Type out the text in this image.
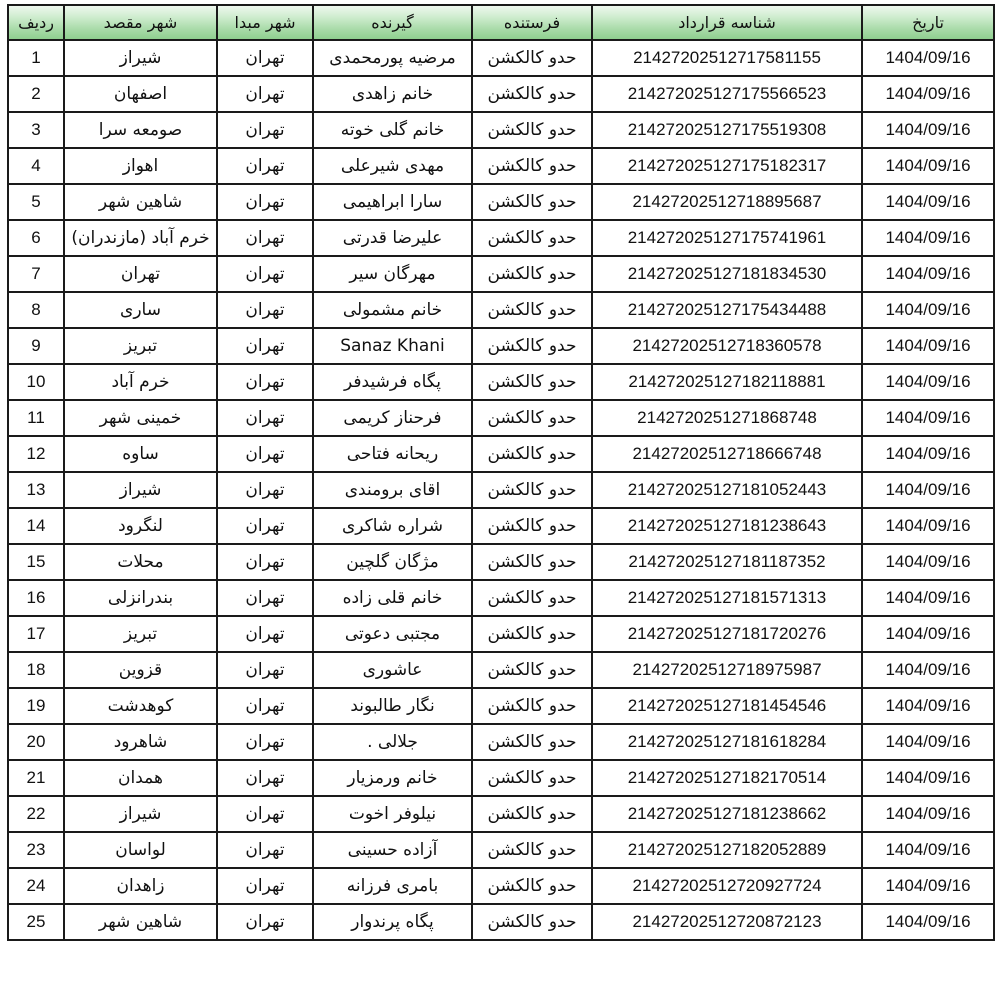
ردیف	شهر مقصد	شهر مبدا	گیرنده	فرستنده	شناسه قرارداد	تاریخ
1	شیراز	تهران	مرضیه پورمحمدی	حدو کالکشن	21427202512717581155	1404/09/16
2	اصفهان	تهران	خانم زاهدی	حدو کالکشن	214272025127175566523	1404/09/16
3	صومعه سرا	تهران	خانم گلی خوته	حدو کالکشن	214272025127175519308	1404/09/16
4	اهواز	تهران	مهدی شیرعلی	حدو کالکشن	214272025127175182317	1404/09/16
5	شاهین شهر	تهران	سارا ابراهیمی	حدو کالکشن	21427202512718895687	1404/09/16
6	خرم آباد (مازندران)	تهران	علیرضا قدرتی	حدو کالکشن	214272025127175741961	1404/09/16
7	تهران	تهران	مهرگان سیر	حدو کالکشن	214272025127181834530	1404/09/16
8	ساری	تهران	خانم مشمولی	حدو کالکشن	214272025127175434488	1404/09/16
9	تبریز	تهران	Sanaz Khani	حدو کالکشن	21427202512718360578	1404/09/16
10	خرم آباد	تهران	پگاه فرشیدفر	حدو کالکشن	214272025127182118881	1404/09/16
11	خمینی شهر	تهران	فرحناز کریمی	حدو کالکشن	2142720251271868748	1404/09/16
12	ساوه	تهران	ریحانه فتاحی	حدو کالکشن	21427202512718666748	1404/09/16
13	شیراز	تهران	اقای برومندی	حدو کالکشن	214272025127181052443	1404/09/16
14	لنگرود	تهران	شراره شاکری	حدو کالکشن	214272025127181238643	1404/09/16
15	محلات	تهران	مژگان گلچین	حدو کالکشن	214272025127181187352	1404/09/16
16	بندرانزلی	تهران	خانم قلی زاده	حدو کالکشن	214272025127181571313	1404/09/16
17	تبریز	تهران	مجتبی دعوتی	حدو کالکشن	214272025127181720276	1404/09/16
18	قزوین	تهران	عاشوری	حدو کالکشن	21427202512718975987	1404/09/16
19	کوهدشت	تهران	نگار طالبوند	حدو کالکشن	214272025127181454546	1404/09/16
20	شاهرود	تهران	جلالی .	حدو کالکشن	214272025127181618284	1404/09/16
21	همدان	تهران	خانم ورمزیار	حدو کالکشن	214272025127182170514	1404/09/16
22	شیراز	تهران	نیلوفر اخوت	حدو کالکشن	214272025127181238662	1404/09/16
23	لواسان	تهران	آزاده حسینی	حدو کالکشن	214272025127182052889	1404/09/16
24	زاهدان	تهران	بامری فرزانه	حدو کالکشن	21427202512720927724	1404/09/16
25	شاهین شهر	تهران	پگاه پرندوار	حدو کالکشن	21427202512720872123	1404/09/16
